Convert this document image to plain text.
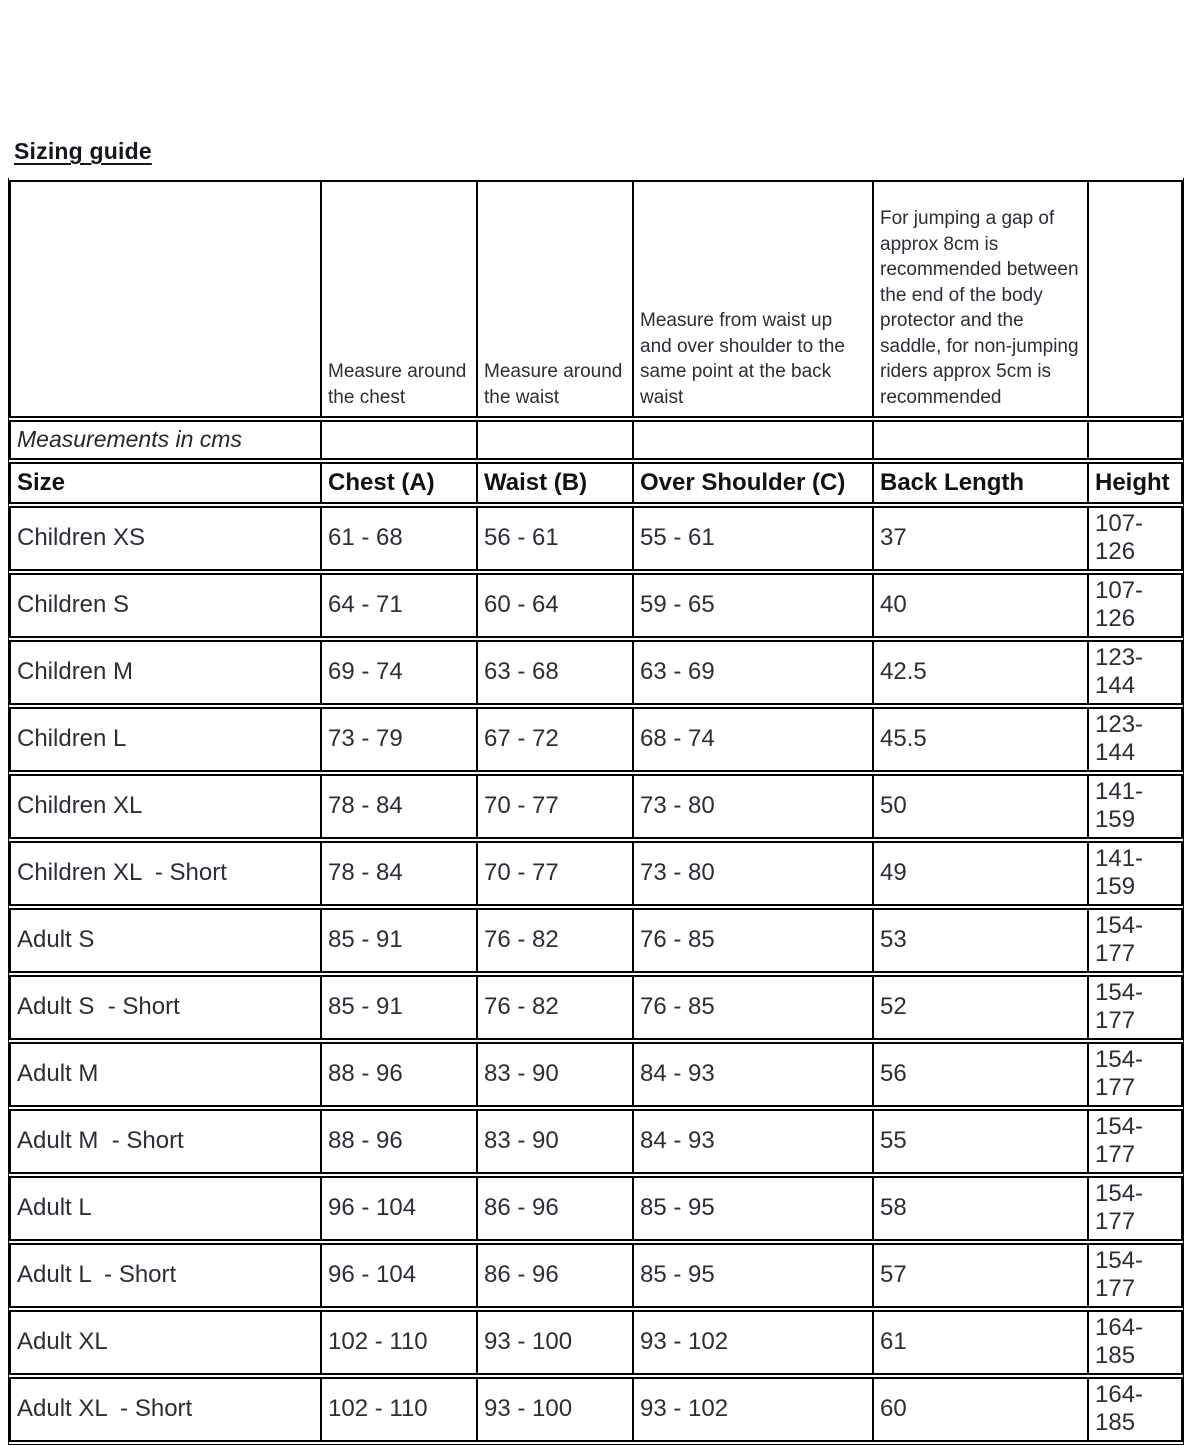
Sizing guide
	Measure around the chest	Measure around the waist	Measure from waist up and over shoulder to the same point at the back waist	For jumping a gap of approx 8cm is recommended between the end of the body protector and the saddle, for non-jumping riders approx 5cm is recommended	
Measurements in cms					
Size	Chest (A)	Waist (B)	Over Shoulder (C)	Back Length	Height
Children XS	61 - 68	56 - 61	55 - 61	37	107-126
Children S	64 - 71	60 - 64	59 - 65	40	107-126
Children M	69 - 74	63 - 68	63 - 69	42.5	123-144
Children L	73 - 79	67 - 72	68 - 74	45.5	123-144
Children XL	78 - 84	70 - 77	73 - 80	50	141-159
Children XL  - Short	78 - 84	70 - 77	73 - 80	49	141-159
Adult S	85 - 91	76 - 82	76 - 85	53	154-177
Adult S  - Short	85 - 91	76 - 82	76 - 85	52	154-177
Adult M	88 - 96	83 - 90	84 - 93	56	154-177
Adult M  - Short	88 - 96	83 - 90	84 - 93	55	154-177
Adult L	96 - 104	86 - 96	85 - 95	58	154-177
Adult L  - Short	96 - 104	86 - 96	85 - 95	57	154-177
Adult XL	102 - 110	93 - 100	93 - 102	61	164-185
Adult XL  - Short	102 - 110	93 - 100	93 - 102	60	164-185
